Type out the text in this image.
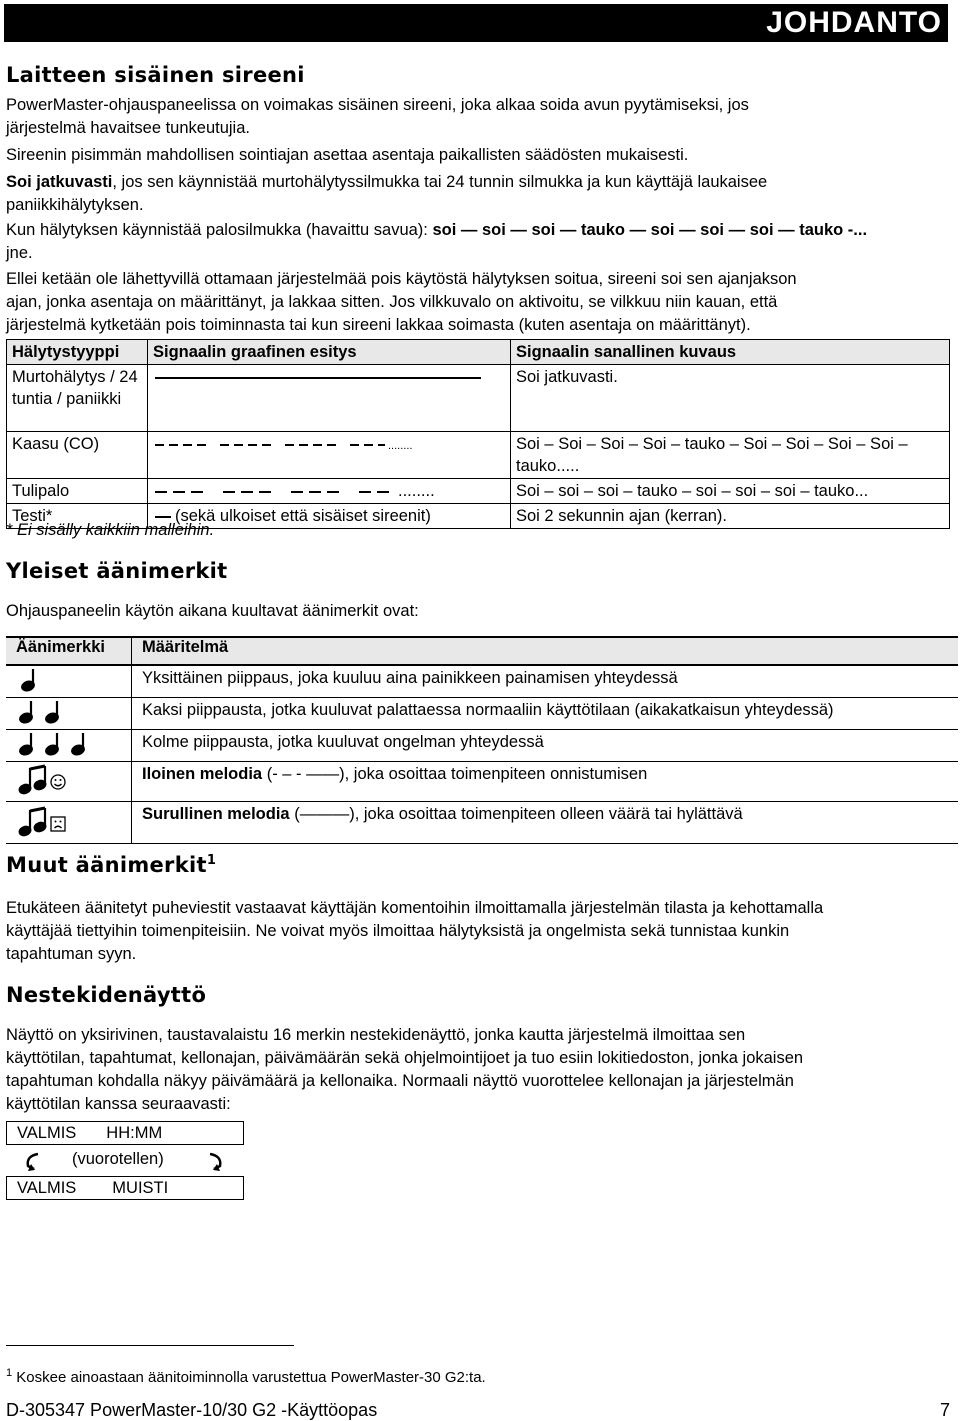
JOHDANTO
Laitteen sisäinen sireeni

PowerMaster-ohjauspaneelissa on voimakas sisäinen sireeni, joka alkaa soida avun pyytämiseksi, jos
järjestelmä havaitsee tunkeutujia.

Sireenin pisimmän mahdollisen sointiajan asettaa asentaja paikallisten säädösten mukaisesti.

Soi jatkuvasti, jos sen käynnistää murtohälytyssilmukka tai 24 tunnin silmukka ja kun käyttäjä laukaisee
paniikkihälytyksen.

Kun hälytyksen käynnistää palosilmukka (havaittu savua): soi — soi — soi — tauko — soi — soi — soi — tauko -...
jne.

Ellei ketään ole lähettyvillä ottamaan järjestelmää pois käytöstä hälytyksen soitua, sireeni soi sen ajanjakson
ajan, jonka asentaja on määrittänyt, ja lakkaa sitten. Jos vilkkuvalo on aktivoitu, se vilkkuu niin kauan, että
järjestelmä kytketään pois toiminnasta tai kun sireeni lakkaa soimasta (kuten asentaja on määrittänyt).

Hälytystyyppi	Signaalin graafinen esitys	Signaalin sanallinen kuvaus
Murtohälytys / 24 tuntia / paniikki		Soi jatkuvasti.
Kaasu (CO)	........	Soi – Soi – Soi – Soi – tauko – Soi – Soi – Soi – Soi – tauko.....
Tulipalo	........	Soi – soi – soi – tauko – soi – soi – soi – tauko...
Testi*	(sekä ulkoiset että sisäiset sireenit)	Soi 2 sekunnin ajan (kerran).

* Ei sisälly kaikkiin malleihin.

Yleiset äänimerkit

Ohjauspaneelin käytön aikana kuultavat äänimerkit ovat:

Äänimerkki	Määritelmä
	Yksittäinen piippaus, joka kuuluu aina painikkeen painamisen yhteydessä
	Kaksi piippausta, jotka kuuluvat palattaessa normaaliin käyttötilaan (aikakatkaisun yhteydessä)
	Kolme piippausta, jotka kuuluvat ongelman yhteydessä
	Iloinen melodia (- – - ——), joka osoittaa toimenpiteen onnistumisen
	Surullinen melodia (———), joka osoittaa toimenpiteen olleen väärä tai hylättävä
Muut äänimerkit$^1$

Etukäteen äänitetyt puheviestit vastaavat käyttäjän komentoihin ilmoittamalla järjestelmän tilasta ja kehottamalla
käyttäjää tiettyihin toimenpiteisiin. Ne voivat myös ilmoittaa hälytyksistä ja ongelmista sekä tunnistaa kunkin
tapahtuman syyn.

Nestekidenäyttö

Näyttö on yksirivinen, taustavalaistu 16 merkin nestekidenäyttö, jonka kautta järjestelmä ilmoittaa sen
käyttötilan, tapahtumat, kellonajan, päivämäärän sekä ohjelmointijoet ja tuo esiin lokitiedoston, jonka jokaisen
tapahtuman kohdalla näkyy päivämäärä ja kellonaika. Normaali näyttö vuorottelee kellonajan ja järjestelmän
käyttötilan kanssa seuraavasti:

VALMIS HH:MM
(vuorotellen)
VALMIS MUISTI

$^1$ Koskee ainoastaan äänitoiminnolla varustettua PowerMaster-30 G2:ta.

D-305347 PowerMaster-10/30 G2 -Käyttöopas	7
